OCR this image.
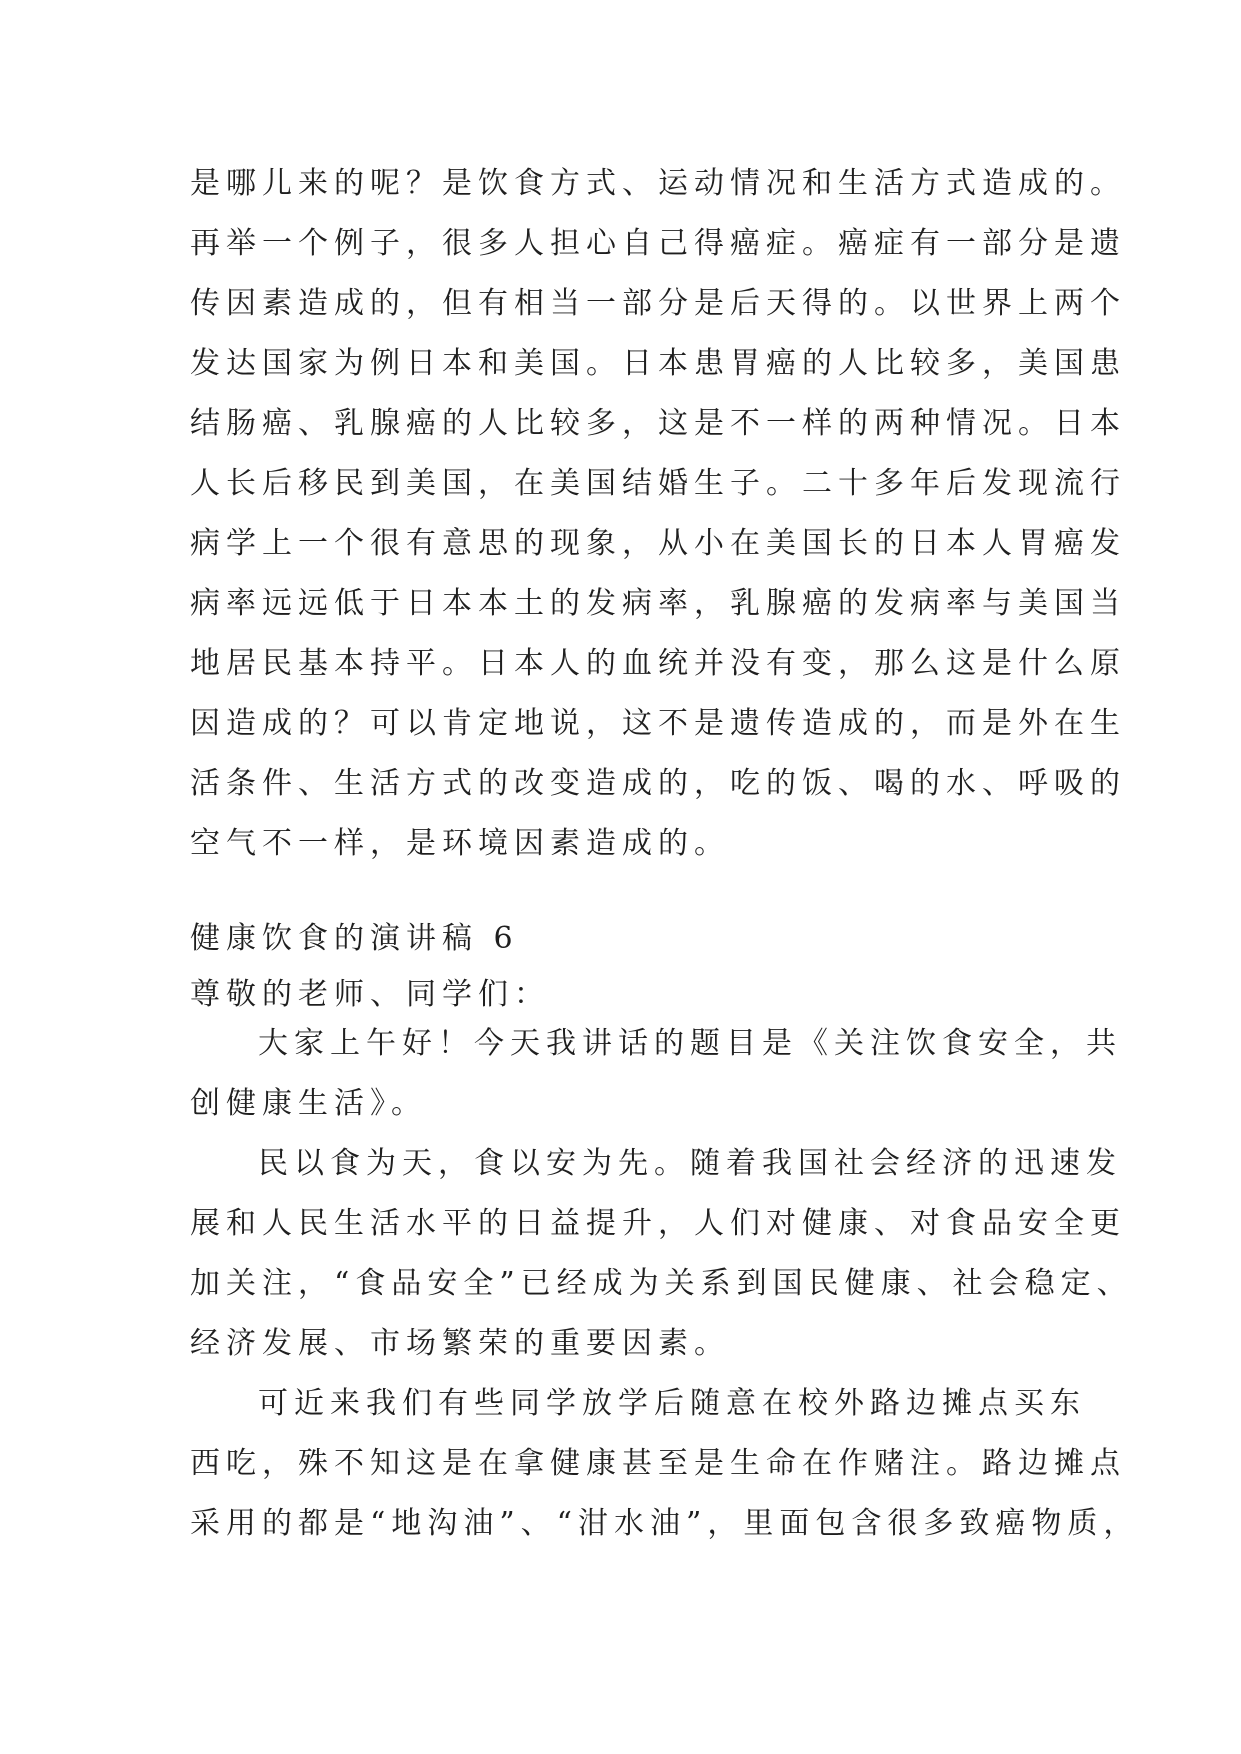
是哪儿来的呢？是饮食方式、运动情况和生活方式造成的。
再举一个例子，很多人担心自己得癌症。癌症有一部分是遗
传因素造成的，但有相当一部分是后天得的。以世界上两个
发达国家为例日本和美国。日本患胃癌的人比较多，美国患
结肠癌、乳腺癌的人比较多，这是不一样的两种情况。日本
人长后移民到美国，在美国结婚生子。二十多年后发现流行
病学上一个很有意思的现象，从小在美国长的日本人胃癌发
病率远远低于日本本土的发病率，乳腺癌的发病率与美国当
地居民基本持平。日本人的血统并没有变，那么这是什么原
因造成的？可以肯定地说，这不是遗传造成的，而是外在生
活条件、生活方式的改变造成的，吃的饭、喝的水、呼吸的
空气不一样，是环境因素造成的。
健康饮食的演讲稿 6
尊敬的老师、同学们：
大家上午好！今天我讲话的题目是《关注饮食安全，共
创健康生活》。
民以食为天，食以安为先。随着我国社会经济的迅速发
展和人民生活水平的日益提升，人们对健康、对食品安全更
加关注，“食品安全”已经成为关系到国民健康、社会稳定、
经济发展、市场繁荣的重要因素。
可近来我们有些同学放学后随意在校外路边摊点买东
西吃，殊不知这是在拿健康甚至是生命在作赌注。路边摊点
采用的都是“地沟油”、“泔水油”，里面包含很多致癌物质，
